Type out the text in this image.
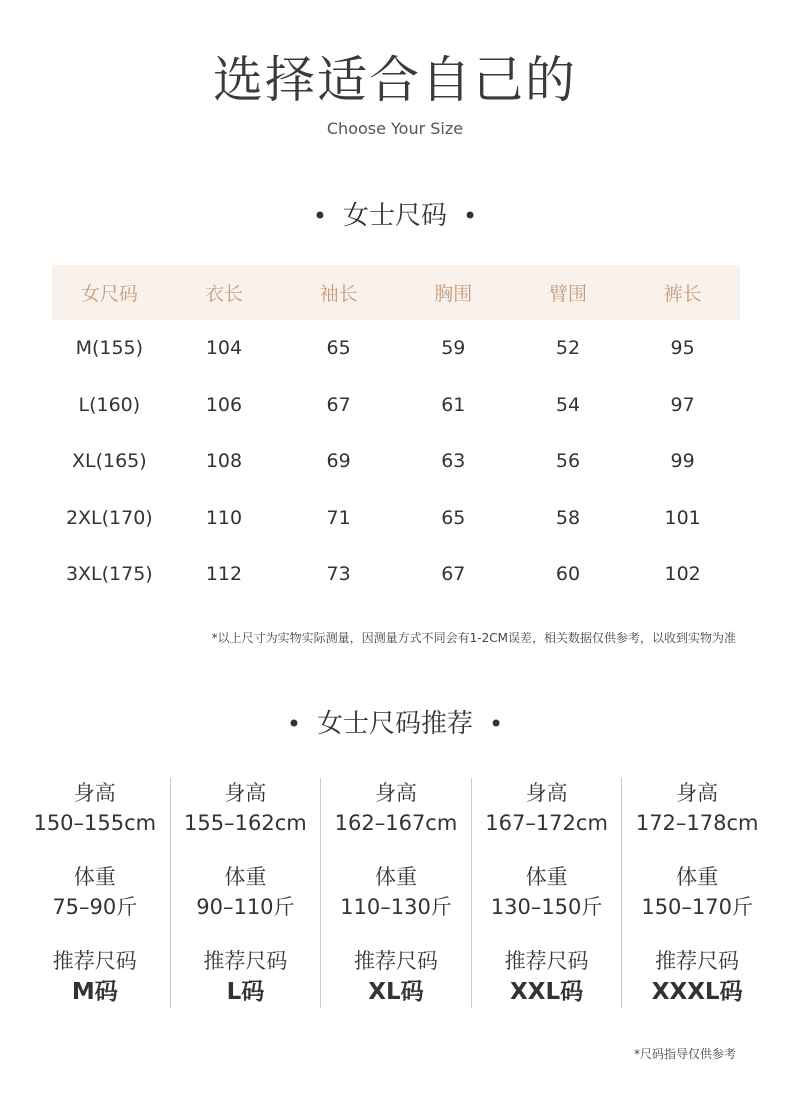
选择适合自己的
Choose Your Size
• 女士尺码 •
女尺码	衣长	袖长	胸围	臂围	裤长
M(155)	104	65	59	52	95
L(160)	106	67	61	54	97
XL(165)	108	69	63	56	99
2XL(170)	110	71	65	58	101
3XL(175)	112	73	67	60	102
*以上尺寸为实物实际测量，因测量方式不同会有1-2CM误差，相关数据仅供参考，以收到实物为准
• 女士尺码推荐 •
身高
150–155cm
体重
75–90斤
推荐尺码
M码
身高
155–162cm
体重
90–110斤
推荐尺码
L码
身高
162–167cm
体重
110–130斤
推荐尺码
XL码
身高
167–172cm
体重
130–150斤
推荐尺码
XXL码
身高
172–178cm
体重
150–170斤
推荐尺码
XXXL码
*尺码指导仅供参考
